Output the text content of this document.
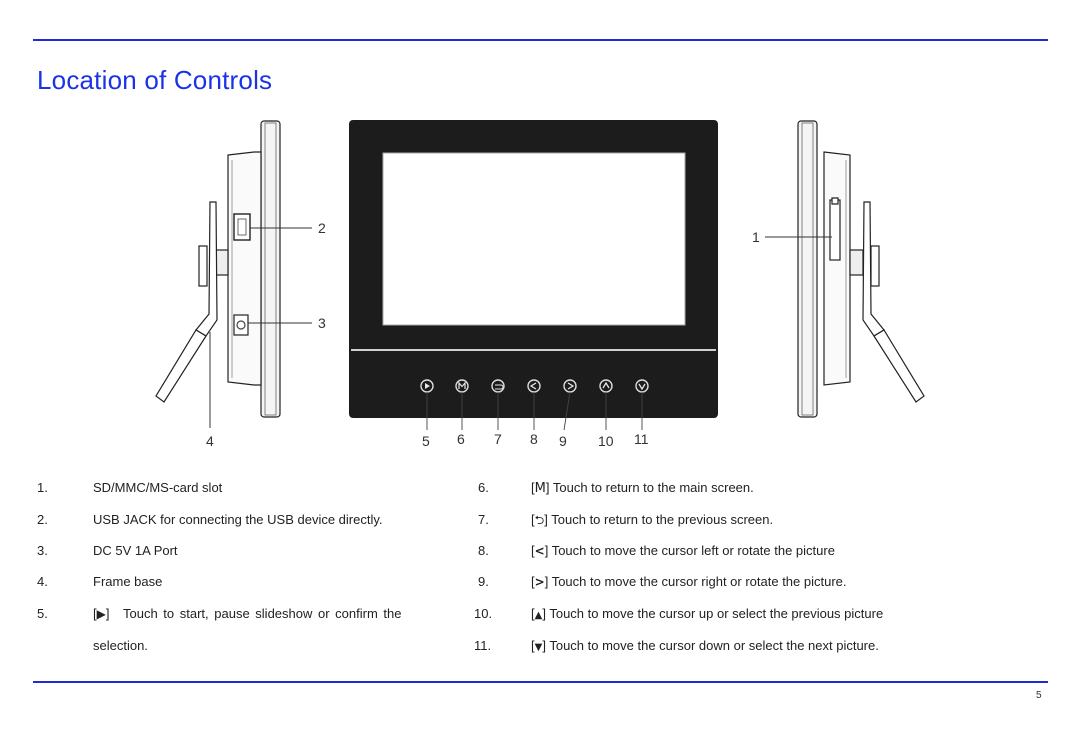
Location of Controls
1
2
3
4	5 6 7 8 9 10 11
1.	SD/MMC/MS-card slot
2.	USB JACK for connecting the USB device directly.
3.	DC 5V 1A Port
4.	Frame base
5.	[▶] Touch to start, pause slideshow or confirm the
selection.
6.	[M] Touch to return to the main screen.
7.	[⮌] Touch to return to the previous screen.
8.	[<] Touch to move the cursor left or rotate the picture
9.	[>] Touch to move the cursor right or rotate the picture.
10.	[▲] Touch to move the cursor up or select the previous picture
11.	[▼] Touch to move the cursor down or select the next picture.
5
